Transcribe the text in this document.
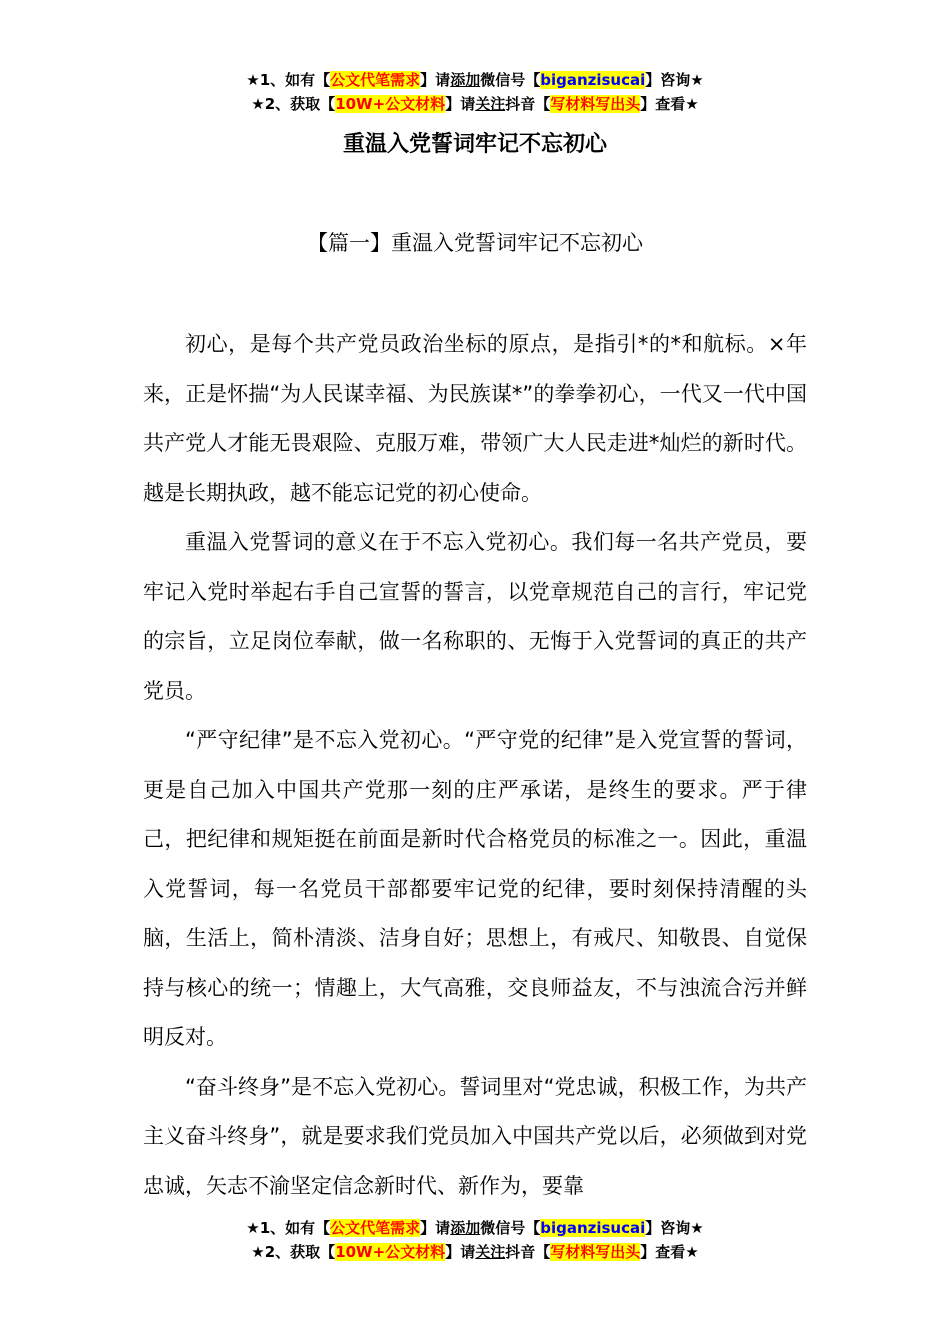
★1、如有【公文代笔需求】请添加微信号【biganzisucai】咨询★
★2、获取【10W+公文材料】请关注抖音【写材料写出头】查看★
重温入党誓词牢记不忘初心
【篇一】重温入党誓词牢记不忘初心

初心，是每个共产党员政治坐标的原点，是指引*的*和航标。×年来，正是怀揣“为人民谋幸福、为民族谋*”的拳拳初心，一代又一代中国共产党人才能无畏艰险、克服万难，带领广大人民走进*灿烂的新时代。越是长期执政，越不能忘记党的初心使命。

重温入党誓词的意义在于不忘入党初心。我们每一名共产党员，要牢记入党时举起右手自己宣誓的誓言，以党章规范自己的言行，牢记党的宗旨，立足岗位奉献，做一名称职的、无悔于入党誓词的真正的共产党员。

“严守纪律”是不忘入党初心。“严守党的纪律”是入党宣誓的誓词，更是自己加入中国共产党那一刻的庄严承诺，是终生的要求。严于律己，把纪律和规矩挺在前面是新时代合格党员的标准之一。因此，重温入党誓词，每一名党员干部都要牢记党的纪律，要时刻保持清醒的头脑，生活上，简朴清淡、洁身自好；思想上，有戒尺、知敬畏、自觉保持与核心的统一；情趣上，大气高雅，交良师益友，不与浊流合污并鲜明反对。

“奋斗终身”是不忘入党初心。誓词里对“党忠诚，积极工作，为共产主义奋斗终身”，就是要求我们党员加入中国共产党以后，必须做到对党忠诚，矢志不渝坚定信念新时代、新作为，要靠

★1、如有【公文代笔需求】请添加微信号【biganzisucai】咨询★
★2、获取【10W+公文材料】请关注抖音【写材料写出头】查看★
